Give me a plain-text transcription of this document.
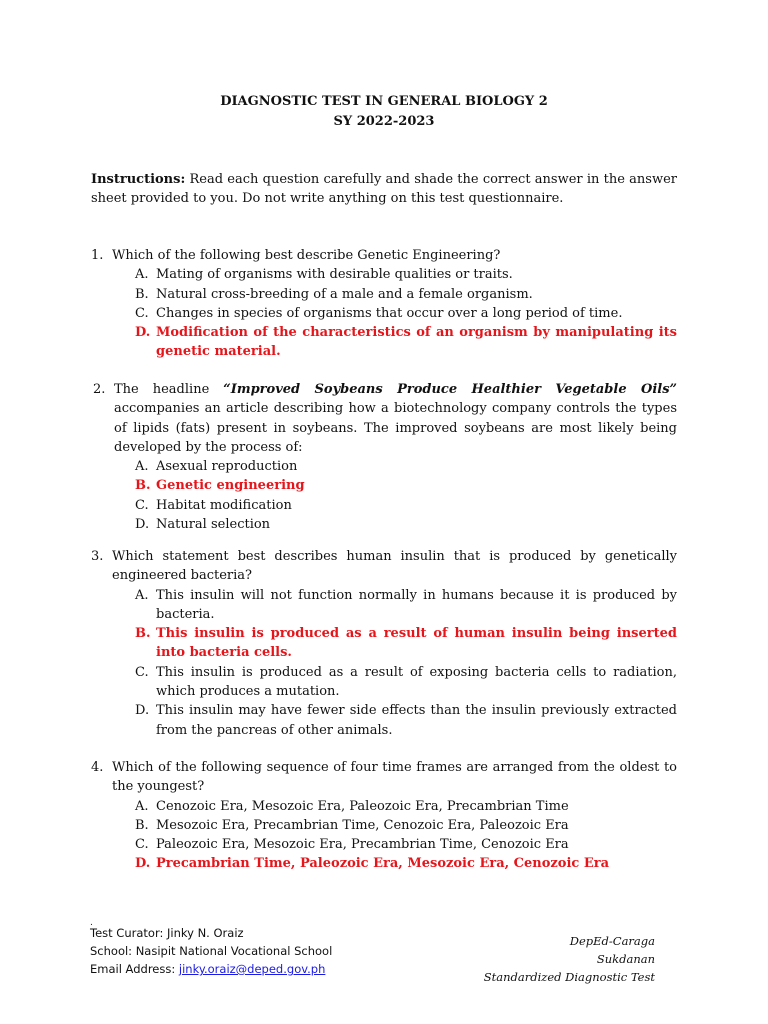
DIAGNOSTIC TEST IN GENERAL BIOLOGY 2
SY 2022-2023
Instructions: Read each question carefully and shade the correct answer in the answer sheet provided to you. Do not write anything on this test questionnaire.
1. Which of the following best describe Genetic Engineering?
A. Mating of organisms with desirable qualities or traits.
B. Natural cross-breeding of a male and a female organism.
C. Changes in species of organisms that occur over a long period of time.
D. Modification of the characteristics of an organism by manipulating its genetic material.
2. The headline “Improved Soybeans Produce Healthier Vegetable Oils” accompanies an article describing how a biotechnology company controls the types of lipids (fats) present in soybeans. The improved soybeans are most likely being developed by the process of:
A. Asexual reproduction
B. Genetic engineering
C. Habitat modification
D. Natural selection
3. Which statement best describes human insulin that is produced by genetically engineered bacteria?
A. This insulin will not function normally in humans because it is produced by bacteria.
B. This insulin is produced as a result of human insulin being inserted into bacteria cells.
C. This insulin is produced as a result of exposing bacteria cells to radiation, which produces a mutation.
D. This insulin may have fewer side effects than the insulin previously extracted from the pancreas of other animals.
4. Which of the following sequence of four time frames are arranged from the oldest to the youngest?
A. Cenozoic Era, Mesozoic Era, Paleozoic Era, Precambrian Time
B. Mesozoic Era, Precambrian Time, Cenozoic Era, Paleozoic Era
C. Paleozoic Era, Mesozoic Era, Precambrian Time, Cenozoic Era
D. Precambrian Time, Paleozoic Era, Mesozoic Era, Cenozoic Era
.
Test Curator: Jinky N. Oraiz
School: Nasipit National Vocational School
Email Address: jinky.oraiz@deped.gov.ph
DepEd-Caraga
Sukdanan
Standardized Diagnostic Test
